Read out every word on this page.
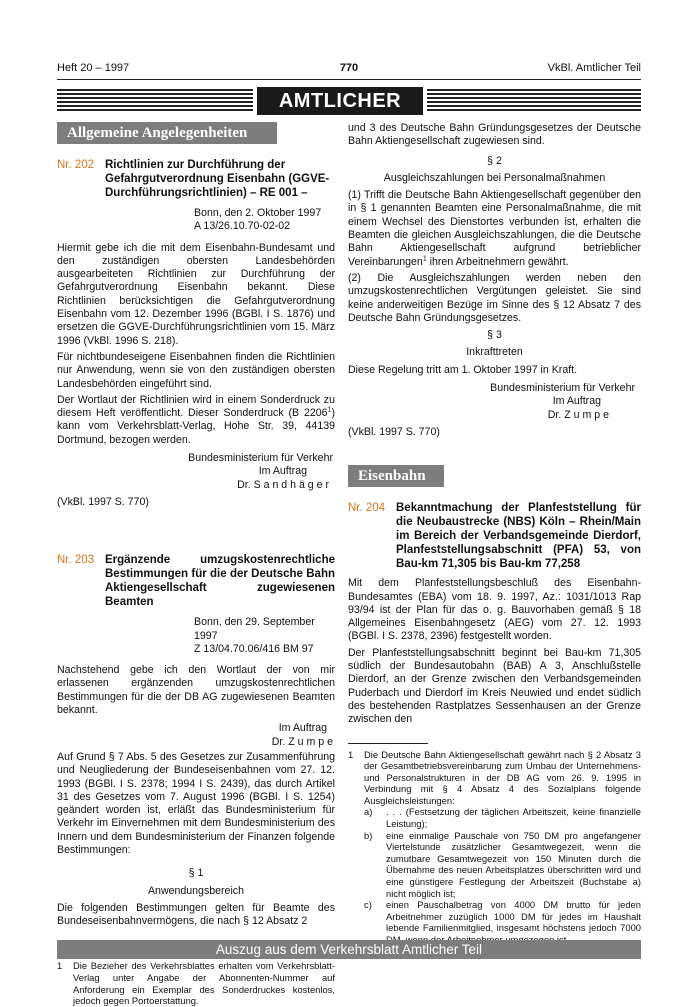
Heft 20 – 1997	770	VkBl. Amtlicher Teil
AMTLICHER TEIL
Allgemeine Angelegenheiten
Nr. 202 Richtlinien zur Durchführung der Gefahrgutverordnung Eisenbahn (GGVE-Durchführungsrichtlinien) – RE 001 –
Bonn, den 2. Oktober 1997
A 13/26.10.70-02-02

Hiermit gebe ich die mit dem Eisenbahn-Bundesamt und den zuständigen obersten Landesbehörden ausgearbeiteten Richtlinien zur Durchführung der Gefahrgutverordnung Eisenbahn bekannt. Diese Richtlinien berücksichtigen die Gefahrgutverordnung Eisenbahn vom 12. Dezember 1996 (BGBl. I S. 1876) und ersetzen die GGVE-Durchführungsrichtlinien vom 15. März 1996 (VkBl. 1996 S. 218).

Für nichtbundeseigene Eisenbahnen finden die Richtlinien nur Anwendung, wenn sie von den zuständigen obersten Landesbehörden eingeführt sind.

Der Wortlaut der Richtlinien wird in einem Sonderdruck zu diesem Heft veröffentlicht. Dieser Sonderdruck (B 2206$^1$) kann vom Verkehrsblatt-Verlag, Hohe Str. 39, 44139 Dortmund, bezogen werden.

Bundesministerium für Verkehr
Im Auftrag
Dr. S a n d h ä g e r
(VkBl. 1997 S. 770)
Nr. 203 Ergänzende umzugskostenrechtliche Bestimmungen für die der Deutsche Bahn Aktiengesellschaft zugewiesenen Beamten
Bonn, den 29. September 1997
Z 13/04.70.06/416 BM 97

Nachstehend gebe ich den Wortlaut der von mir erlassenen ergänzenden umzugskostenrechtlichen Bestimmungen für die der DB AG zugewiesenen Beamten bekannt.

Im Auftrag
Dr. Z u m p e

Auf Grund § 7 Abs. 5 des Gesetzes zur Zusammenführung und Neugliederung der Bundeseisenbahnen vom 27. 12. 1993 (BGBl. I S. 2378; 1994 I S. 2439), das durch Artikel 31 des Gesetzes vom 7. August 1996 (BGBl. I S. 1254) geändert worden ist, erläßt das Bundesministerium für Verkehr im Einvernehmen mit dem Bundesministerium des Innern und dem Bundesministerium der Finanzen folgende Bestimmungen:

§ 1
Anwendungsbereich

Die folgenden Bestimmungen gelten für Beamte des Bundeseisenbahnvermögens, die nach § 12 Absatz 2

1	Die Bezieher des Verkehrsblattes erhalten vom Verkehrsblatt-Verlag unter Angabe der Abonnenten-Nummer auf Anforderung ein Exemplar des Sonderdruckes kostenlos, jedoch gegen Portoerstattung.

und 3 des Deutsche Bahn Gründungsgesetzes der Deutsche Bahn Aktiengesellschaft zugewiesen sind.

§ 2
Ausgleichszahlungen bei Personalmaßnahmen

(1) Trifft die Deutsche Bahn Aktiengesellschaft gegenüber den in § 1 genannten Beamten eine Personalmaßnahme, die mit einem Wechsel des Dienstortes verbunden ist, erhalten die Beamten die gleichen Ausgleichszahlungen, die die Deutsche Bahn Aktiengesellschaft aufgrund betrieblicher Vereinbarungen$^1$ ihren Arbeitnehmern gewährt.

(2) Die Ausgleichszahlungen werden neben den umzugskostenrechtlichen Vergütungen geleistet. Sie sind keine anderweitigen Bezüge im Sinne des § 12 Absatz 7 des Deutsche Bahn Gründungsgesetzes.

§ 3
Inkrafttreten

Diese Regelung tritt am 1. Oktober 1997 in Kraft.

Bundesministerium für Verkehr
Im Auftrag
Dr. Z u m p e
(VkBl. 1997 S. 770)
Eisenbahn
Nr. 204 Bekanntmachung der Planfeststellung für die Neubaustrecke (NBS) Köln – Rhein/Main im Bereich der Verbandsgemeinde Dierdorf, Planfeststellungsabschnitt (PFA) 53, von Bau-km 71,305 bis Bau-km 77,258

Mit dem Planfeststellungsbeschluß des Eisenbahn-Bundesamtes (EBA) vom 18. 9. 1997, Az.: 1031/1013 Rap 93/94 ist der Plan für das o. g. Bauvorhaben gemäß § 18 Allgemeines Eisenbahngesetz (AEG) vom 27. 12. 1993 (BGBl. I S. 2378, 2396) festgestellt worden.

Der Planfeststellungsabschnitt beginnt bei Bau-km 71,305 südlich der Bundesautobahn (BAB) A 3, Anschlußstelle Dierdorf, an der Grenze zwischen den Verbandsgemeinden Puderbach und Dierdorf im Kreis Neuwied und endet südlich des bestehenden Rastplatzes Sessenhausen an der Grenze zwischen den

1	Die Deutsche Bahn Aktiengesellschaft gewährt nach § 2 Absatz 3 der Gesamtbetriebsvereinbarung zum Umbau der Unternehmens- und Personalstrukturen in der DB AG vom 26. 9. 1995 in Verbindung mit § 4 Absatz 4 des Sozialplans folgende Ausgleichsleistungen:
a)	. . . (Festsetzung der täglichen Arbeitszeit, keine finanzielle Leistung);
b)	eine einmalige Pauschale von 750 DM pro angefangener Viertelstunde zusätzlicher Gesamtwegezeit, wenn die zumutbare Gesamtwegezeit von 150 Minuten durch die Übernahme des neuen Arbeitsplatzes überschritten wird und eine günstigere Festlegung der Arbeitszeit (Buchstabe a) nicht möglich ist;
c)	einen Pauschalbetrag von 4000 DM brutto für jeden Arbeitnehmer zuzüglich 1000 DM für jedes im Haushalt lebende Familienmitglied, insgesamt höchstens jedoch 7000
Auszug aus dem Verkehrsblatt Amtlicher Teil
